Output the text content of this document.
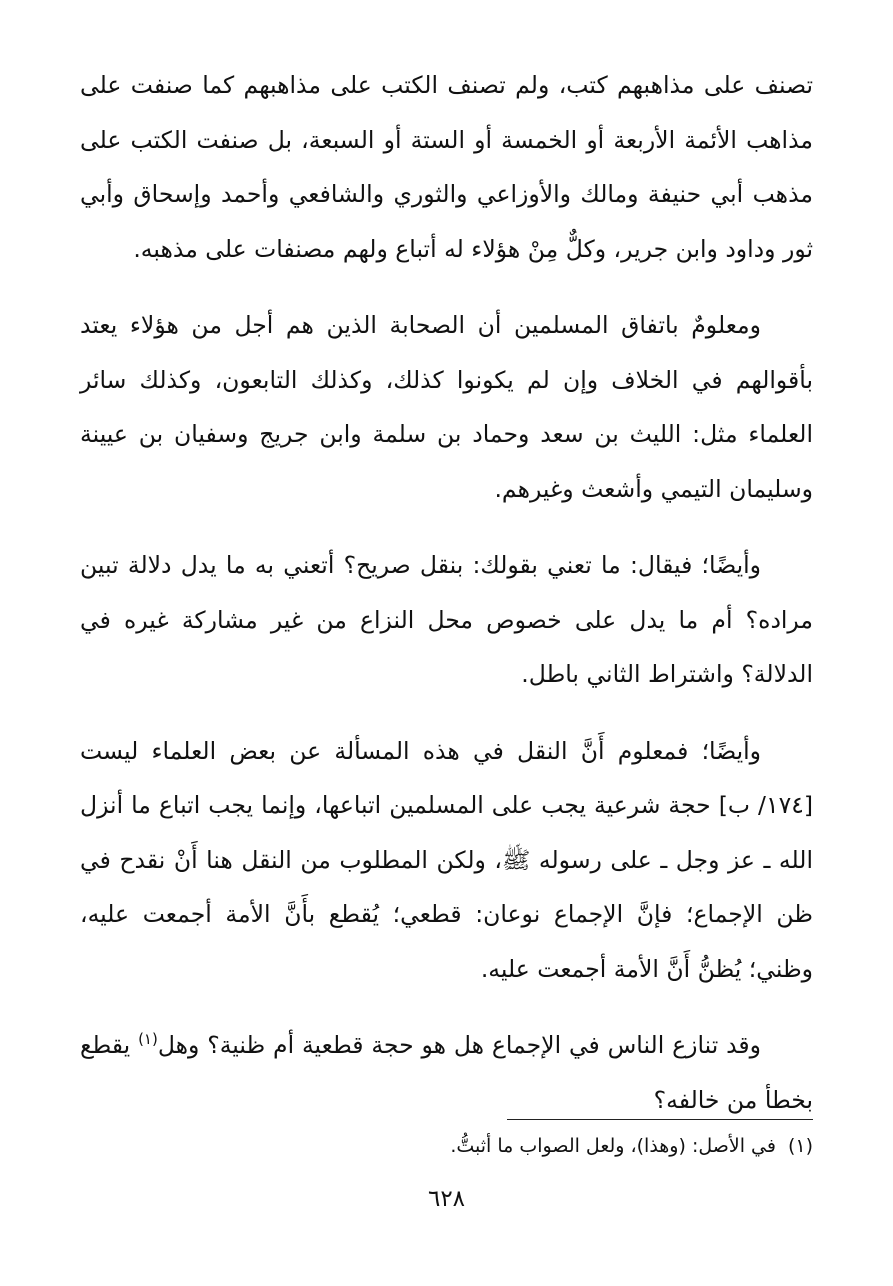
تصنف على مذاهبهم كتب، ولم تصنف الكتب على مذاهبهم كما صنفت على مذاهب الأئمة الأربعة أو الخمسة أو الستة أو السبعة، بل صنفت الكتب على مذهب أبي حنيفة ومالك والأوزاعي والثوري والشافعي وأحمد وإسحاق وأبي ثور وداود وابن جرير، وكلٌّ مِنْ هؤلاء له أتباع ولهم مصنفات على مذهبه.

ومعلومٌ باتفاق المسلمين أن الصحابة الذين هم أجل من هؤلاء يعتد بأقوالهم في الخلاف وإن لم يكونوا كذلك، وكذلك التابعون، وكذلك سائر العلماء مثل: الليث بن سعد وحماد بن سلمة وابن جريج وسفيان بن عيينة وسليمان التيمي وأشعث وغيرهم.

وأيضًا؛ فيقال: ما تعني بقولك: بنقل صريح؟ أتعني به ما يدل دلالة تبين مراده؟ أم ما يدل على خصوص محل النزاع من غير مشاركة غيره في الدلالة؟ واشتراط الثاني باطل.

وأيضًا؛ فمعلوم أَنَّ النقل في هذه المسألة عن بعض العلماء ليست [١٧٤/ ب] حجة شرعية يجب على المسلمين اتباعها، وإنما يجب اتباع ما أنزل الله ـ عز وجل ـ على رسوله ﷺ، ولكن المطلوب من النقل هنا أَنْ نقدح في ظن الإجماع؛ فإنَّ الإجماع نوعان: قطعي؛ يُقطع بأَنَّ الأمة أجمعت عليه، وظني؛ يُظنُّ أَنَّ الأمة أجمعت عليه.

وقد تنازع الناس في الإجماع هل هو حجة قطعية أم ظنية؟ وهل$^{(١)}$ يقطع بخطأ من خالفه؟

(١)في الأصل: (وهذا)، ولعل الصواب ما أثبتُّ.
٦٢٨
